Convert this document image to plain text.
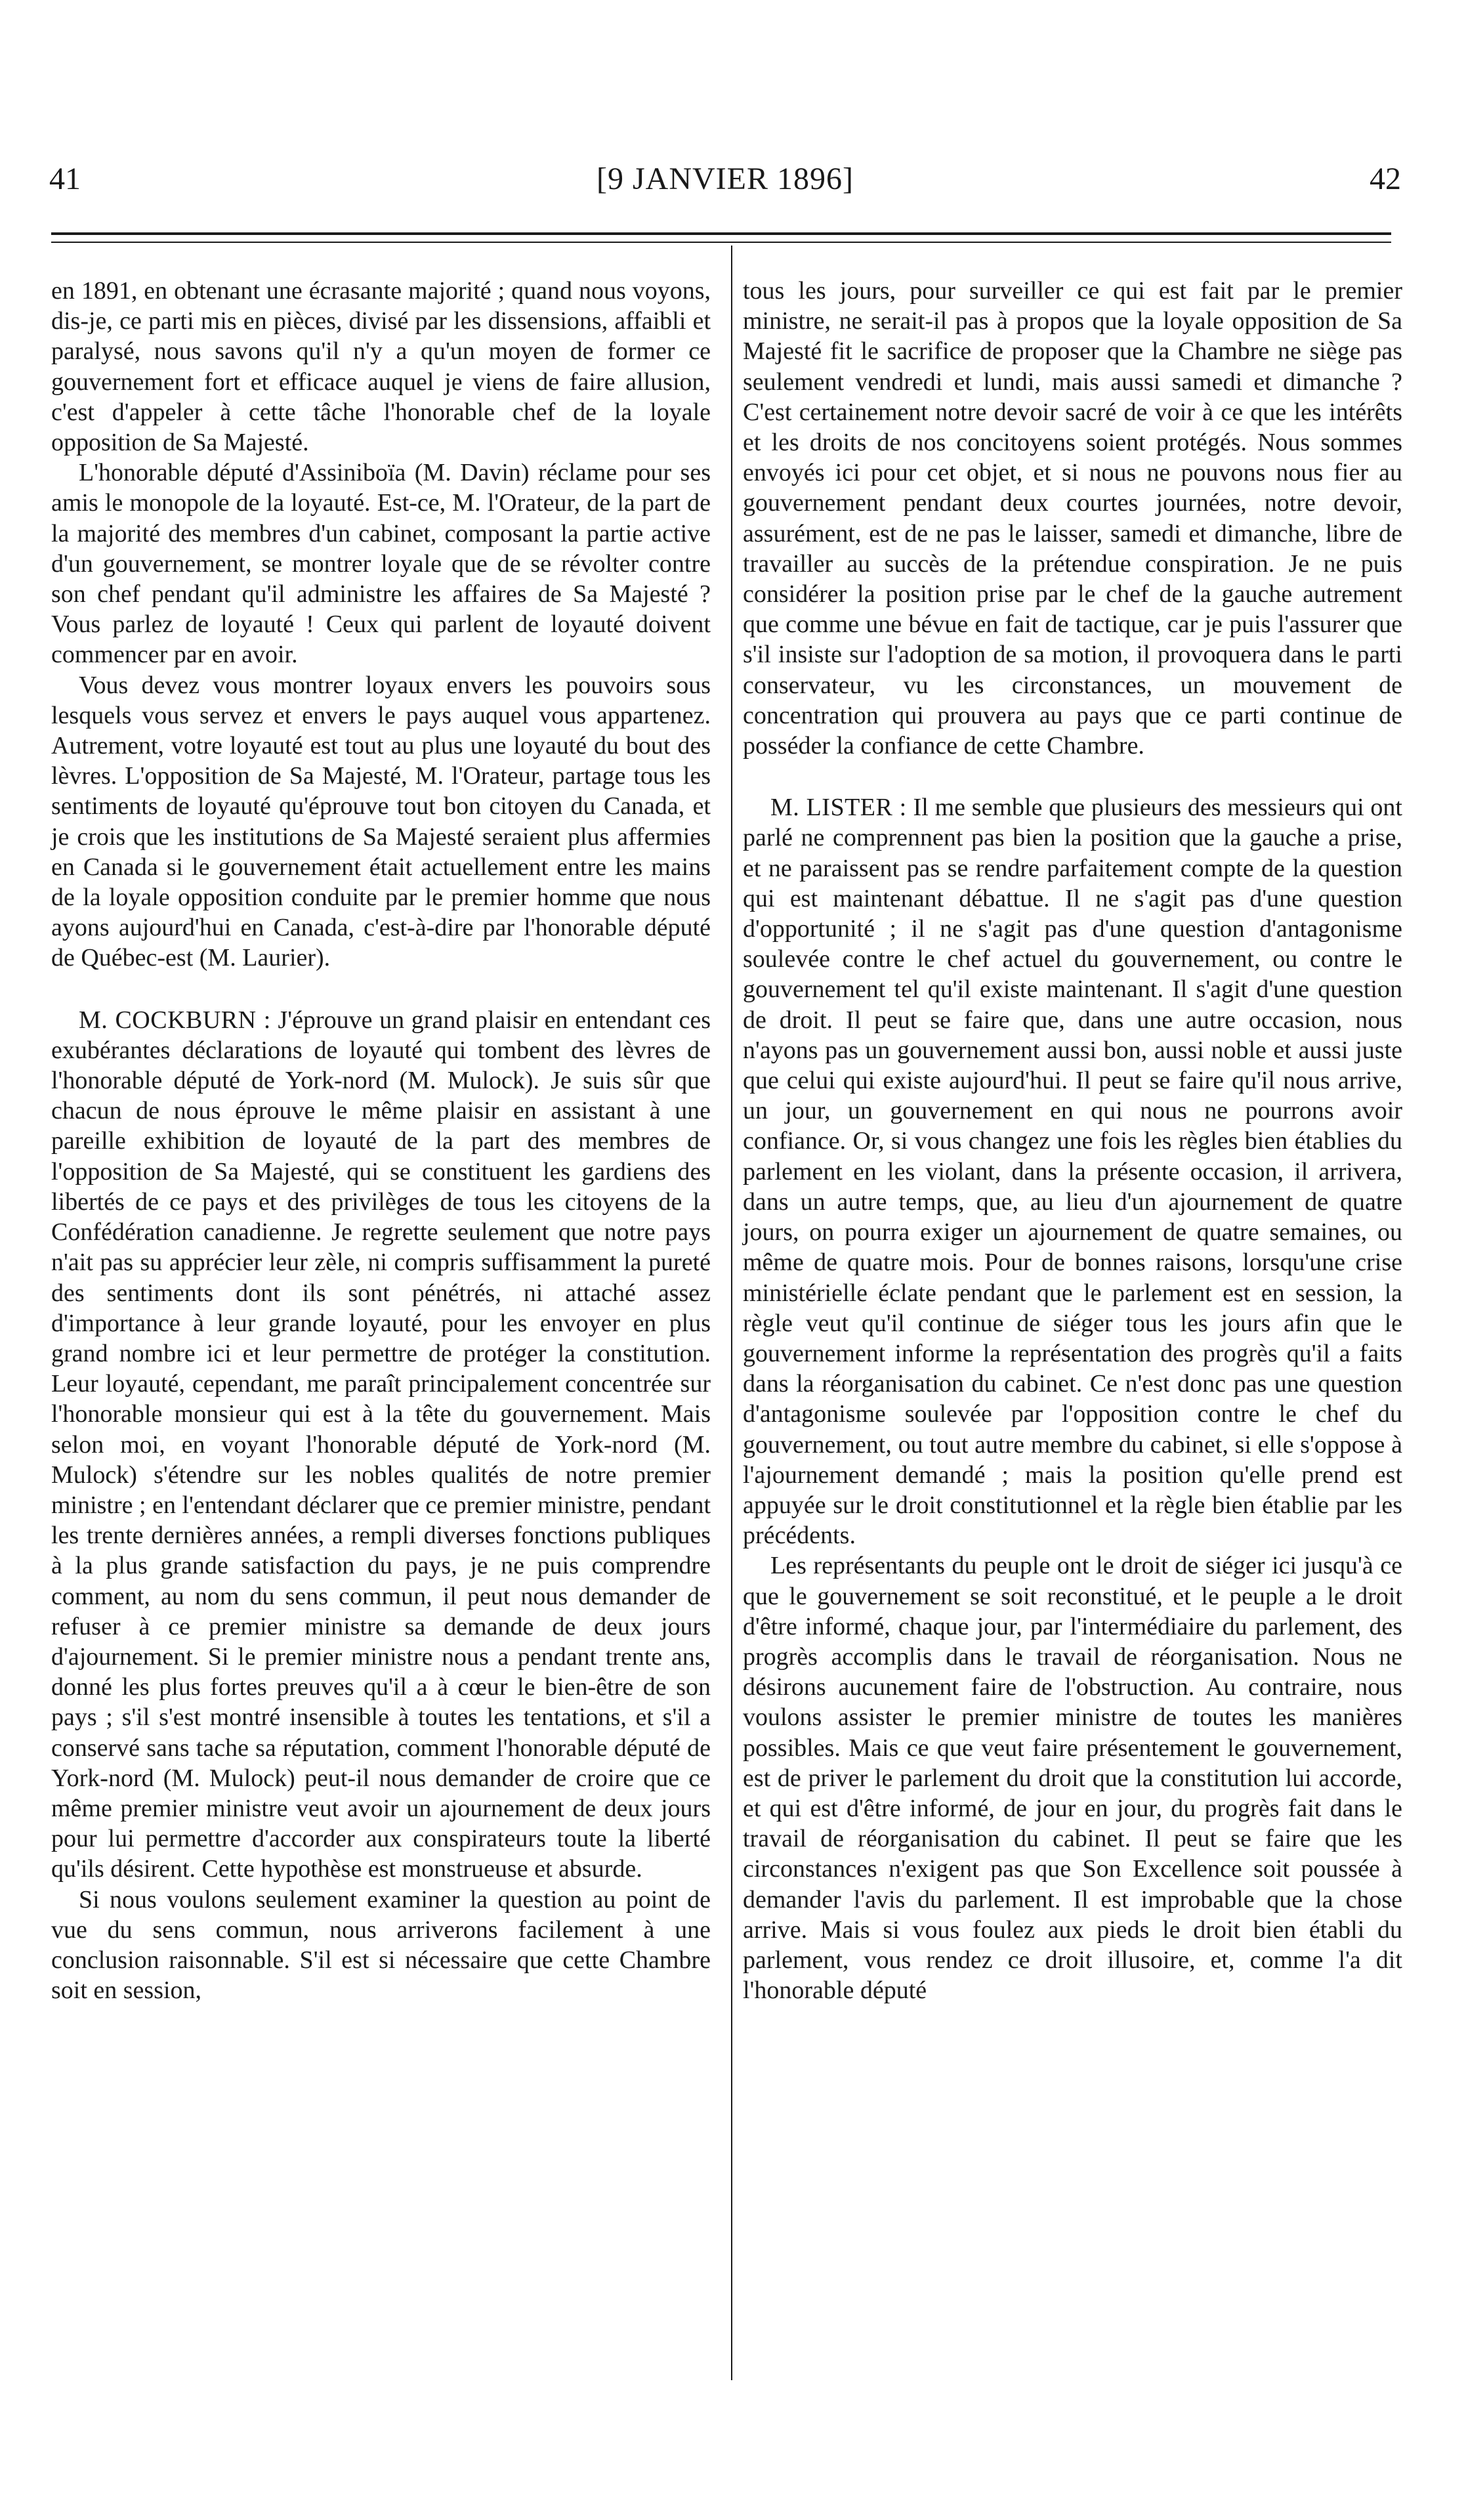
41	[9 JANVIER 1896]	42

en 1891, en obtenant une écrasante majorité ; quand nous voyons, dis-je, ce parti mis en pièces, divisé par les dissensions, affaibli et paralysé, nous savons qu'il n'y a qu'un moyen de former ce gouvernement fort et efficace auquel je viens de faire allusion, c'est d'appeler à cette tâche l'honorable chef de la loyale opposition de Sa Majesté.

L'honorable député d'Assiniboïa (M. Davin) réclame pour ses amis le monopole de la loyauté. Est-ce, M. l'Orateur, de la part de la majorité des membres d'un cabinet, composant la partie active d'un gouvernement, se montrer loyale que de se révolter contre son chef pendant qu'il administre les affaires de Sa Majesté ? Vous parlez de loyauté ! Ceux qui parlent de loyauté doivent commencer par en avoir.

Vous devez vous montrer loyaux envers les pouvoirs sous lesquels vous servez et envers le pays auquel vous appartenez. Autrement, votre loyauté est tout au plus une loyauté du bout des lèvres. L'opposition de Sa Majesté, M. l'Orateur, partage tous les sentiments de loyauté qu'éprouve tout bon citoyen du Canada, et je crois que les institutions de Sa Majesté seraient plus affermies en Canada si le gouvernement était actuellement entre les mains de la loyale opposition conduite par le premier homme que nous ayons aujourd'hui en Canada, c'est-à-dire par l'honorable député de Québec-est (M. Laurier).

M. COCKBURN : J'éprouve un grand plaisir en entendant ces exubérantes déclarations de loyauté qui tombent des lèvres de l'honorable député de York-nord (M. Mulock). Je suis sûr que chacun de nous éprouve le même plaisir en assistant à une pareille exhibition de loyauté de la part des membres de l'opposition de Sa Majesté, qui se constituent les gardiens des libertés de ce pays et des privilèges de tous les citoyens de la Confédération canadienne. Je regrette seulement que notre pays n'ait pas su apprécier leur zèle, ni compris suffisamment la pureté des sentiments dont ils sont pénétrés, ni attaché assez d'importance à leur grande loyauté, pour les envoyer en plus grand nombre ici et leur permettre de protéger la constitution. Leur loyauté, cependant, me paraît principalement concentrée sur l'honorable monsieur qui est à la tête du gouvernement. Mais selon moi, en voyant l'honorable député de York-nord (M. Mulock) s'étendre sur les nobles qualités de notre premier ministre ; en l'entendant déclarer que ce premier ministre, pendant les trente dernières années, a rempli diverses fonctions publiques à la plus grande satisfaction du pays, je ne puis comprendre comment, au nom du sens commun, il peut nous demander de refuser à ce premier ministre sa demande de deux jours d'ajournement. Si le premier ministre nous a pendant trente ans, donné les plus fortes preuves qu'il a à cœur le bien-être de son pays ; s'il s'est montré insensible à toutes les tentations, et s'il a conservé sans tache sa réputation, comment l'honorable député de York-nord (M. Mulock) peut-il nous demander de croire que ce même premier ministre veut avoir un ajournement de deux jours pour lui permettre d'accorder aux conspirateurs toute la liberté qu'ils désirent. Cette hypothèse est monstrueuse et absurde.

Si nous voulons seulement examiner la question au point de vue du sens commun, nous arriverons facilement à une conclusion raisonnable. S'il est si nécessaire que cette Chambre soit en session,

tous les jours, pour surveiller ce qui est fait par le premier ministre, ne serait-il pas à propos que la loyale opposition de Sa Majesté fit le sacrifice de proposer que la Chambre ne siège pas seulement vendredi et lundi, mais aussi samedi et dimanche ? C'est certainement notre devoir sacré de voir à ce que les intérêts et les droits de nos concitoyens soient protégés. Nous sommes envoyés ici pour cet objet, et si nous ne pouvons nous fier au gouvernement pendant deux courtes journées, notre devoir, assurément, est de ne pas le laisser, samedi et dimanche, libre de travailler au succès de la prétendue conspiration. Je ne puis considérer la position prise par le chef de la gauche autrement que comme une bévue en fait de tactique, car je puis l'assurer que s'il insiste sur l'adoption de sa motion, il provoquera dans le parti conservateur, vu les circonstances, un mouvement de concentration qui prouvera au pays que ce parti continue de posséder la confiance de cette Chambre.

M. LISTER : Il me semble que plusieurs des messieurs qui ont parlé ne comprennent pas bien la position que la gauche a prise, et ne paraissent pas se rendre parfaitement compte de la question qui est maintenant débattue. Il ne s'agit pas d'une question d'opportunité ; il ne s'agit pas d'une question d'antagonisme soulevée contre le chef actuel du gouvernement, ou contre le gouvernement tel qu'il existe maintenant. Il s'agit d'une question de droit. Il peut se faire que, dans une autre occasion, nous n'ayons pas un gouvernement aussi bon, aussi noble et aussi juste que celui qui existe aujourd'hui. Il peut se faire qu'il nous arrive, un jour, un gouvernement en qui nous ne pourrons avoir confiance. Or, si vous changez une fois les règles bien établies du parlement en les violant, dans la présente occasion, il arrivera, dans un autre temps, que, au lieu d'un ajournement de quatre jours, on pourra exiger un ajournement de quatre semaines, ou même de quatre mois. Pour de bonnes raisons, lorsqu'une crise ministérielle éclate pendant que le parlement est en session, la règle veut qu'il continue de siéger tous les jours afin que le gouvernement informe la représentation des progrès qu'il a faits dans la réorganisation du cabinet. Ce n'est donc pas une question d'antagonisme soulevée par l'opposition contre le chef du gouvernement, ou tout autre membre du cabinet, si elle s'oppose à l'ajournement demandé ; mais la position qu'elle prend est appuyée sur le droit constitutionnel et la règle bien établie par les précédents.

Les représentants du peuple ont le droit de siéger ici jusqu'à ce que le gouvernement se soit reconstitué, et le peuple a le droit d'être informé, chaque jour, par l'intermédiaire du parlement, des progrès accomplis dans le travail de réorganisation. Nous ne désirons aucunement faire de l'obstruction. Au contraire, nous voulons assister le premier ministre de toutes les manières possibles. Mais ce que veut faire présentement le gouvernement, est de priver le parlement du droit que la constitution lui accorde, et qui est d'être informé, de jour en jour, du progrès fait dans le travail de réorganisation du cabinet. Il peut se faire que les circonstances n'exigent pas que Son Excellence soit poussée à demander l'avis du parlement. Il est improbable que la chose arrive. Mais si vous foulez aux pieds le droit bien établi du parlement, vous rendez ce droit illusoire, et, comme l'a dit l'honorable député
